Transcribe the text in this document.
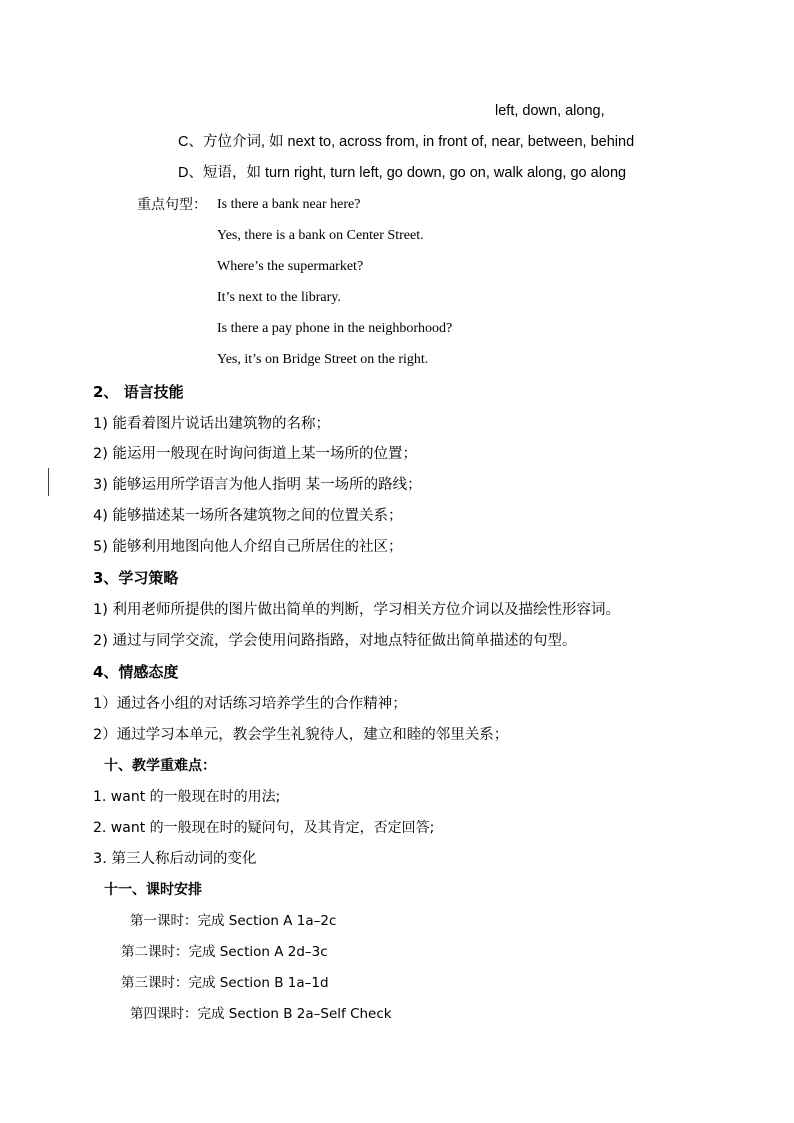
left, down, along,
C、方位介词, 如 next to, across from, in front of, near, between, behind
D、短语，如 turn right, turn left, go down, go on, walk along, go along
重点句型： Is there a bank near here?
Yes, there is a bank on Center Street.
Where’s the supermarket?
It’s next to the library.
Is there a pay phone in the neighborhood?
Yes, it’s on Bridge Street on the right.
2、 语言技能
1) 能看着图片说话出建筑物的名称；
2) 能运用一般现在时询问街道上某一场所的位置；
3) 能够运用所学语言为他人指明 某一场所的路线；
4) 能够描述某一场所各建筑物之间的位置关系；
5) 能够利用地图向他人介绍自己所居住的社区；
3、学习策略
1) 利用老师所提供的图片做出简单的判断，学习相关方位介词以及描绘性形容词。
2) 通过与同学交流，学会使用问路指路，对地点特征做出简单描述的句型。
4、情感态度
1）通过各小组的对话练习培养学生的合作精神；
2）通过学习本单元，教会学生礼貌待人，建立和睦的邻里关系；
十、教学重难点：
1. want 的一般现在时的用法;
2. want 的一般现在时的疑问句，及其肯定，否定回答;
3. 第三人称后动词的变化
十一、课时安排
第一课时：完成 Section A 1a–2c
第二课时：完成 Section A 2d–3c
第三课时：完成 Section B 1a–1d
第四课时：完成 Section B 2a–Self Check
